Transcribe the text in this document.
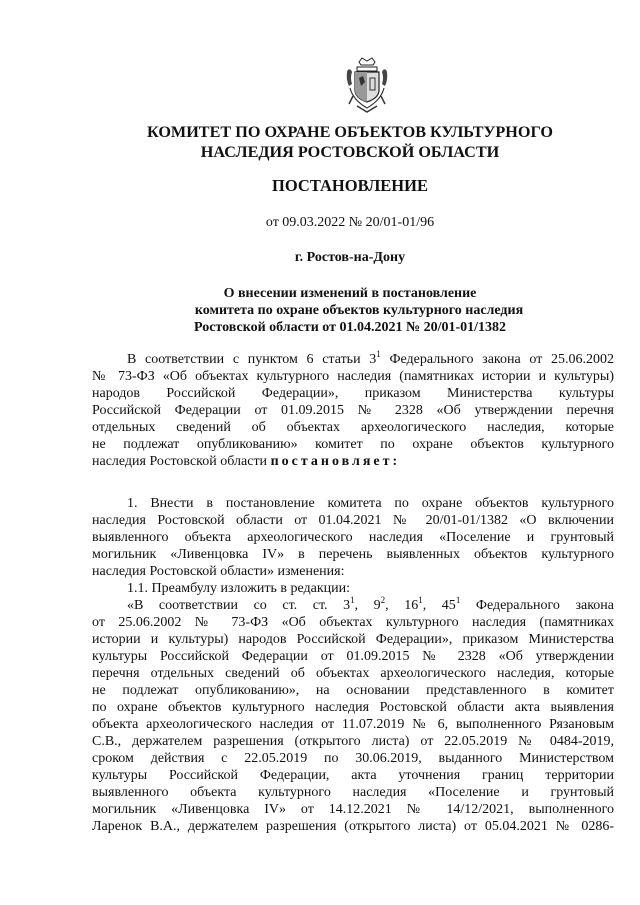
КОМИТЕТ ПО ОХРАНЕ ОБЪЕКТОВ КУЛЬТУРНОГО
НАСЛЕДИЯ РОСТОВСКОЙ ОБЛАСТИ
ПОСТАНОВЛЕНИЕ
от 09.03.2022 № 20/01-01/96
г. Ростов-на-Дону
О внесении изменений в постановление
комитета по охране объектов культурного наследия
Ростовской области от 01.04.2021 № 20/01-01/1382
В соответствии с пунктом 6 статьи $3^1$ Федерального закона от 25.06.2002
№ 73-ФЗ «Об объектах культурного наследия (памятниках истории и культуры)
народов Российской Федерации», приказом Министерства культуры
Российской Федерации от 01.09.2015 № 2328 «Об утверждении перечня
отдельных сведений об объектах археологического наследия, которые
не подлежат опубликованию» комитет по охране объектов культурного
наследия Ростовской области постановляет:
1. Внести в постановление комитета по охране объектов культурного
наследия Ростовской области от 01.04.2021 № 20/01-01/1382 «О включении
выявленного объекта археологического наследия «Поселение и грунтовый
могильник «Ливенцовка IV» в перечень выявленных объектов культурного
наследия Ростовской области» изменения:
1.1. Преамбулу изложить в редакции:
«В соответствии со ст. ст. $3^1$, $9^2$, $16^1$, $45^1$ Федерального закона
от 25.06.2002 № 73-ФЗ «Об объектах культурного наследия (памятниках
истории и культуры) народов Российской Федерации», приказом Министерства
культуры Российской Федерации от 01.09.2015 № 2328 «Об утверждении
перечня отдельных сведений об объектах археологического наследия, которые
не подлежат опубликованию», на основании представленного в комитет
по охране объектов культурного наследия Ростовской области акта выявления
объекта археологического наследия от 11.07.2019 № 6, выполненного Рязановым
С.В., держателем разрешения (открытого листа) от 22.05.2019 № 0484-2019,
сроком действия с 22.05.2019 по 30.06.2019, выданного Министерством
культуры Российской Федерации, акта уточнения границ территории
выявленного объекта культурного наследия «Поселение и грунтовый
могильник «Ливенцовка IV» от 14.12.2021 № 14/12/2021, выполненного
Ларенок В.А., держателем разрешения (открытого листа) от 05.04.2021 № 0286-
